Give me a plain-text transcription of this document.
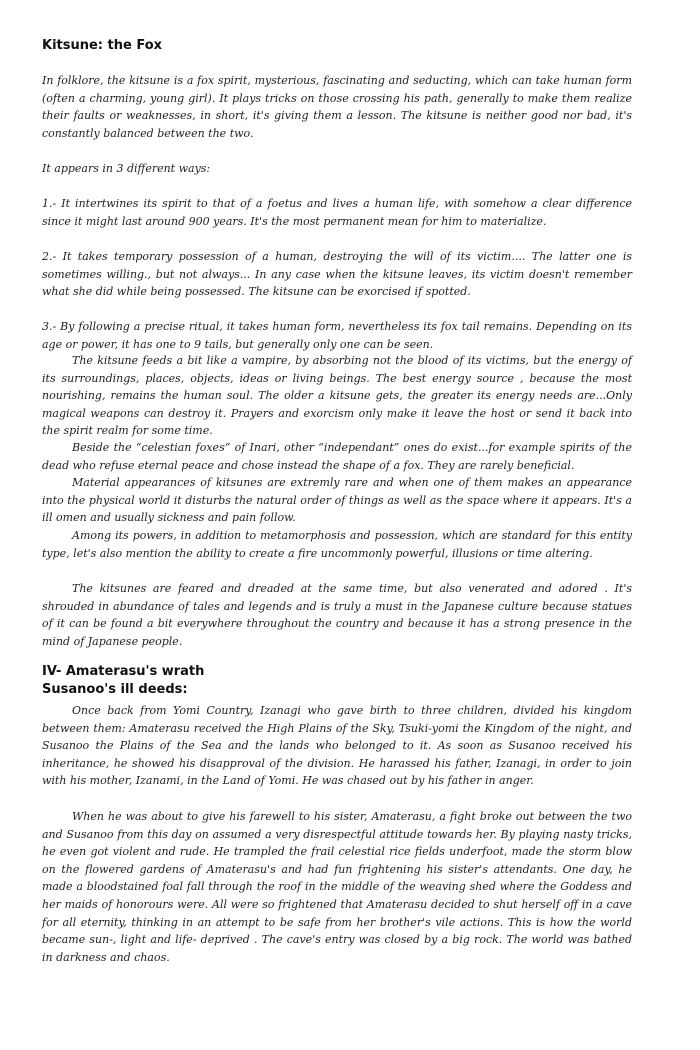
Kitsune: the Fox

In folklore, the kitsune is a fox spirit, mysterious, fascinating and seducting, which can take human form (often a charming, young girl). It plays tricks on those crossing his path, generally to make them realize their faults or weaknesses, in short, it's giving them a lesson. The kitsune is neither good nor bad, it's constantly balanced between the two.

It appears in 3 different ways:

1.- It intertwines its spirit to that of a foetus and lives a human life, with somehow a clear difference since it might last around 900 years. It's the most permanent mean for him to materialize.

2.- It takes temporary possession of a human, destroying the will of its victim.... The latter one is sometimes willing., but not always... In any case when the kitsune leaves, its victim doesn't remember what she did while being possessed. The kitsune can be exorcised if spotted.

3.- By following a precise ritual, it takes human form, nevertheless its fox tail remains. Depending on its age or power, it has one to 9 tails, but generally only one can be seen.

The kitsune feeds a bit like a vampire, by absorbing not the blood of its victims, but the energy of its surroundings, places, objects, ideas or living beings. The best energy source , because the most nourishing, remains the human soul. The older a kitsune gets, the greater its energy needs are...Only magical weapons can destroy it. Prayers and exorcism only make it leave the host or send it back into the spirit realm for some time.

Beside the “celestian foxes” of Inari, other “independant” ones do exist...for example spirits of the dead who refuse eternal peace and chose instead the shape of a fox. They are rarely beneficial.

Material appearances of kitsunes are extremly rare and when one of them makes an appearance into the physical world it disturbs the natural order of things as well as the space where it appears. It's a ill omen and usually sickness and pain follow.

Among its powers, in addition to metamorphosis and possession, which are standard for this entity type, let's also mention the ability to create a fire uncommonly powerful, illusions or time altering.

The kitsunes are feared and dreaded at the same time, but also venerated and adored . It's shrouded in abundance of tales and legends and is truly a must in the Japanese culture because statues of it can be found a bit everywhere throughout the country and because it has a strong presence in the mind of Japanese people.

IV- Amaterasu's wrath
Susanoo's ill deeds:

Once back from Yomi Country, Izanagi who gave birth to three children, divided his kingdom between them: Amaterasu received the High Plains of the Sky, Tsuki-yomi the Kingdom of the night, and Susanoo the Plains of the Sea and the lands who belonged to it. As soon as Susanoo received his inheritance, he showed his disapproval of the division. He harassed his father, Izanagi, in order to join with his mother, Izanami, in the Land of Yomi. He was chased out by his father in anger.

When he was about to give his farewell to his sister, Amaterasu, a fight broke out between the two and Susanoo from this day on assumed a very disrespectful attitude towards her. By playing nasty tricks, he even got violent and rude. He trampled the frail celestial rice fields underfoot, made the storm blow on the flowered gardens of Amaterasu's and had fun frightening his sister's attendants. One day, he made a bloodstained foal fall through the roof in the middle of the weaving shed where the Goddess and her maids of honorours were. All were so frightened that Amaterasu decided to shut herself off in a cave for all eternity, thinking in an attempt to be safe from her brother's vile actions. This is how the world became sun-, light and life- deprived . The cave's entry was closed by a big rock. The world was bathed in darkness and chaos.
